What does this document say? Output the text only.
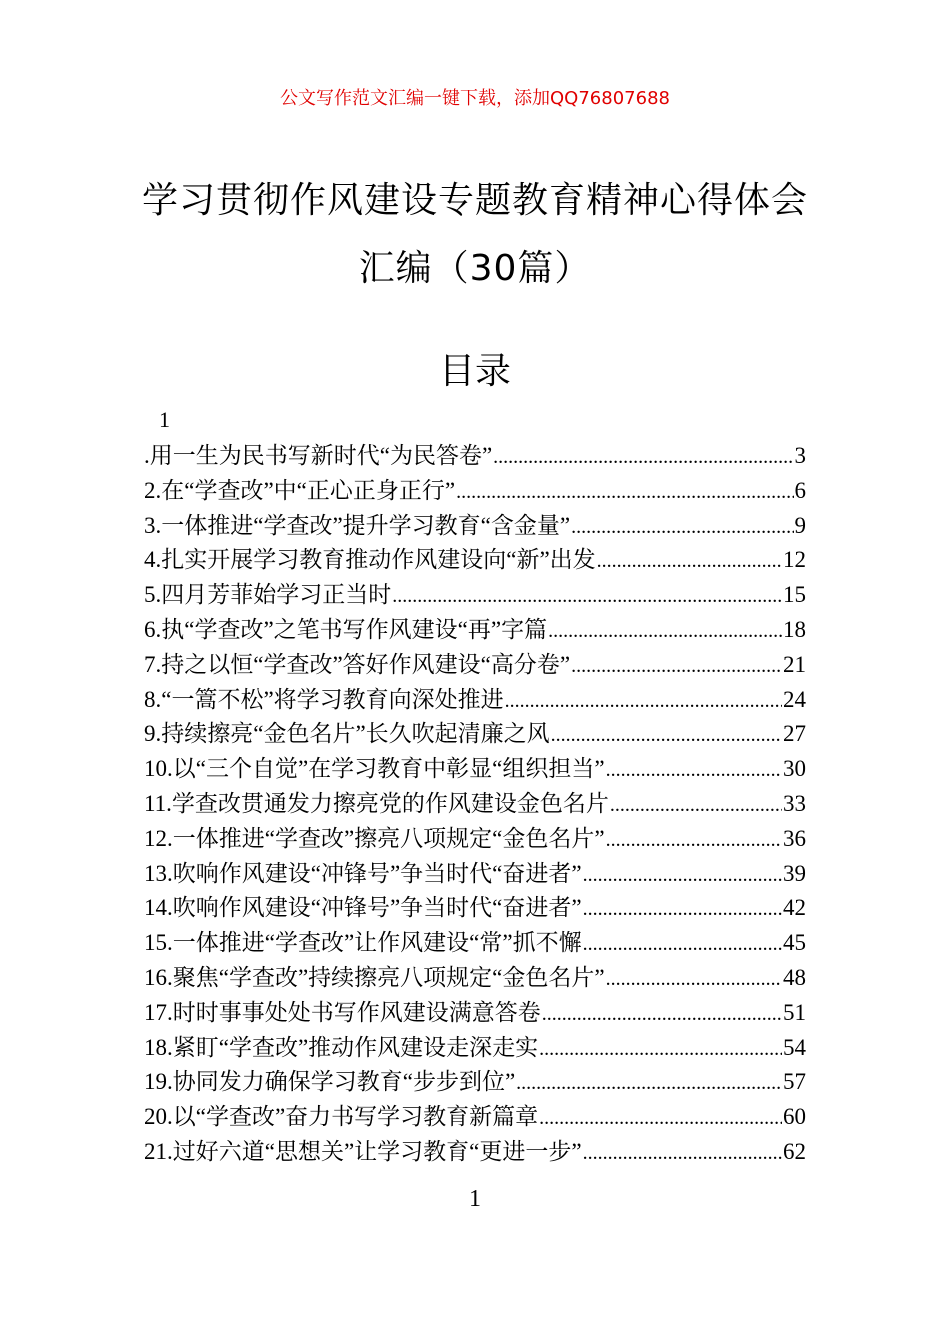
公文写作范文汇编一键下载，添加QQ76807688
学习贯彻作风建设专题教育精神心得体会
汇编（30篇）
目录
1
.用一生为民书写新时代“为民答卷” .....	3
2.在“学查改”中“正心正身正行” .....	6
3.一体推进“学查改”提升学习教育“含金量” .....	9
4.扎实开展学习教育推动作风建设向“新”出发 .....	12
5.四月芳菲始学习正当时 .....	15
6.执“学查改”之笔书写作风建设“再”字篇 .....	18
7.持之以恒“学查改”答好作风建设“高分卷” .....	21
8.“一篙不松”将学习教育向深处推进 .....	24
9.持续擦亮“金色名片”长久吹起清廉之风 .....	27
10.以“三个自觉”在学习教育中彰显“组织担当” .....	30
11.学查改贯通发力擦亮党的作风建设金色名片 .....	33
12.一体推进“学查改”擦亮八项规定“金色名片” .....	36
13.吹响作风建设“冲锋号”争当时代“奋进者” .....	39
14.吹响作风建设“冲锋号”争当时代“奋进者” .....	42
15.一体推进“学查改”让作风建设“常”抓不懈 .....	45
16.聚焦“学查改”持续擦亮八项规定“金色名片” .....	48
17.时时事事处处书写作风建设满意答卷 .....	51
18.紧盯“学查改”推动作风建设走深走实 .....	54
19.协同发力确保学习教育“步步到位” .....	57
20.以“学查改”奋力书写学习教育新篇章 .....	60
21.过好六道“思想关”让学习教育“更进一步” .....	62
1
